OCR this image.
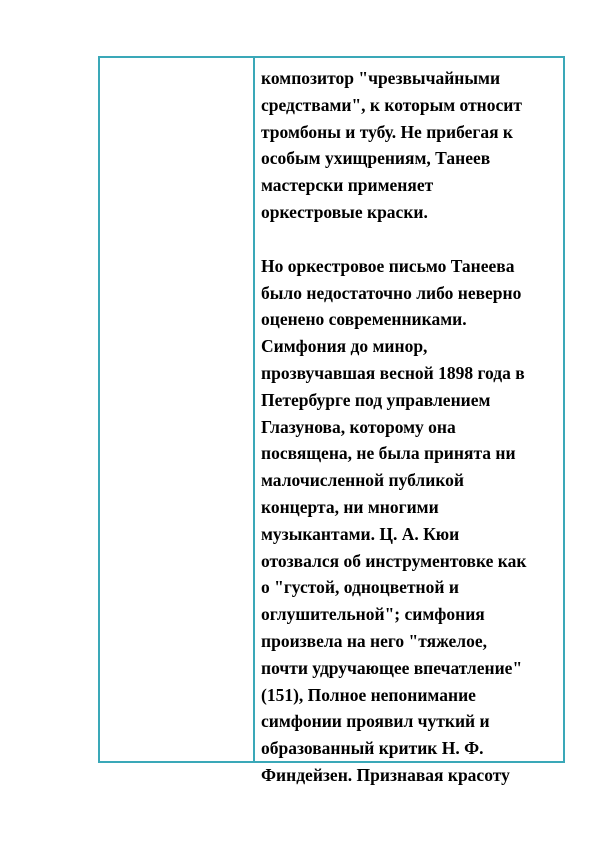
композитор "чрезвычайными
средствами", к которым относит
тромбоны и тубу. Не прибегая к
особым ухищрениям, Танеев
мастерски применяет
оркестровые краски.

Но оркестровое письмо Танеева
было недостаточно либо неверно
оценено современниками.
Симфония до минор,
прозвучавшая весной 1898 года в
Петербурге под управлением
Глазунова, которому она
посвящена, не была принята ни
малочисленной публикой
концерта, ни многими
музыкантами. Ц. А. Кюи
отозвался об инструментовке как
о "густой, одноцветной и
оглушительной"; симфония
произвела на него "тяжелое,
почти удручающее впечатление"
(151), Полное непонимание
симфонии проявил чуткий и
образованный критик Н. Ф.
Финдейзен. Признавая красоту
